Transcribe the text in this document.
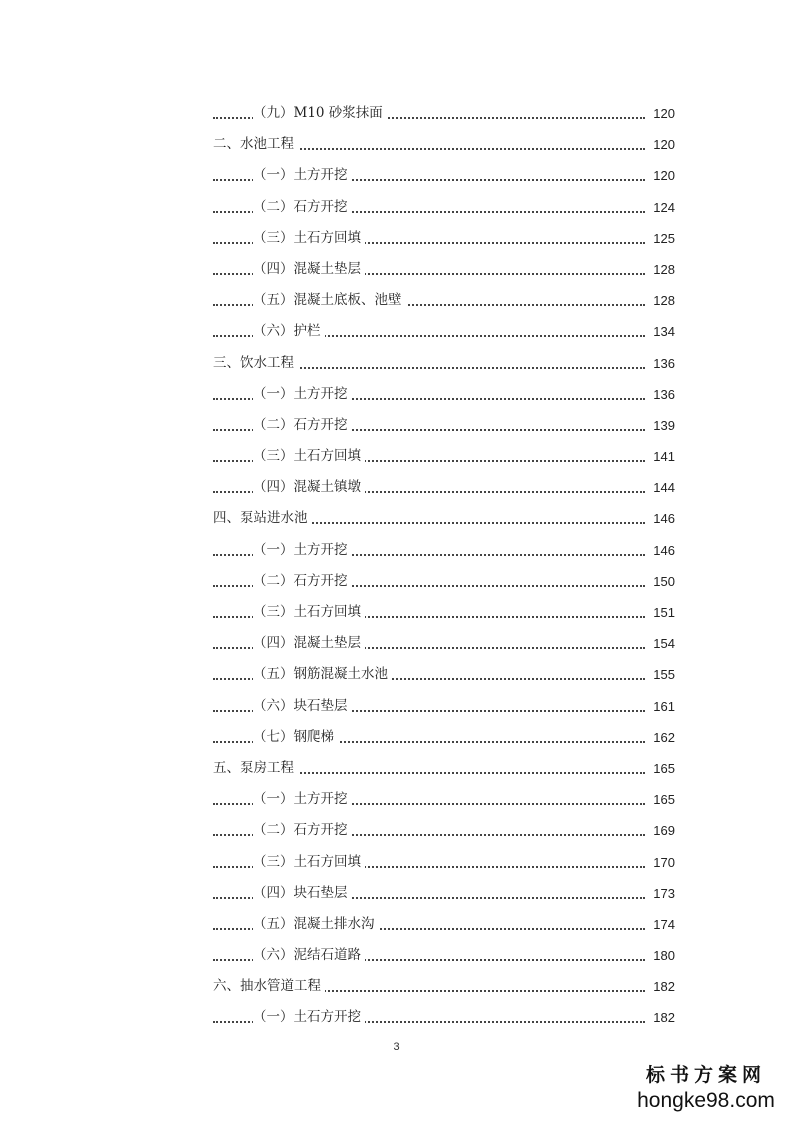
（九）M10 砂浆抹面	120
二、水池工程	120
（一）土方开挖	120
（二）石方开挖	124
（三）土石方回填	125
（四）混凝土垫层	128
（五）混凝土底板、池壁	128
（六）护栏	134
三、饮水工程	136
（一）土方开挖	136
（二）石方开挖	139
（三）土石方回填	141
（四）混凝土镇墩	144
四、泵站进水池	146
（一）土方开挖	146
（二）石方开挖	150
（三）土石方回填	151
（四）混凝土垫层	154
（五）钢筋混凝土水池	155
（六）块石垫层	161
（七）钢爬梯	162
五、泵房工程	165
（一）土方开挖	165
（二）石方开挖	169
（三）土石方回填	170
（四）块石垫层	173
（五）混凝土排水沟	174
（六）泥结石道路	180
六、抽水管道工程	182
（一）土石方开挖	182
3
标书方案网
hongke98.com
